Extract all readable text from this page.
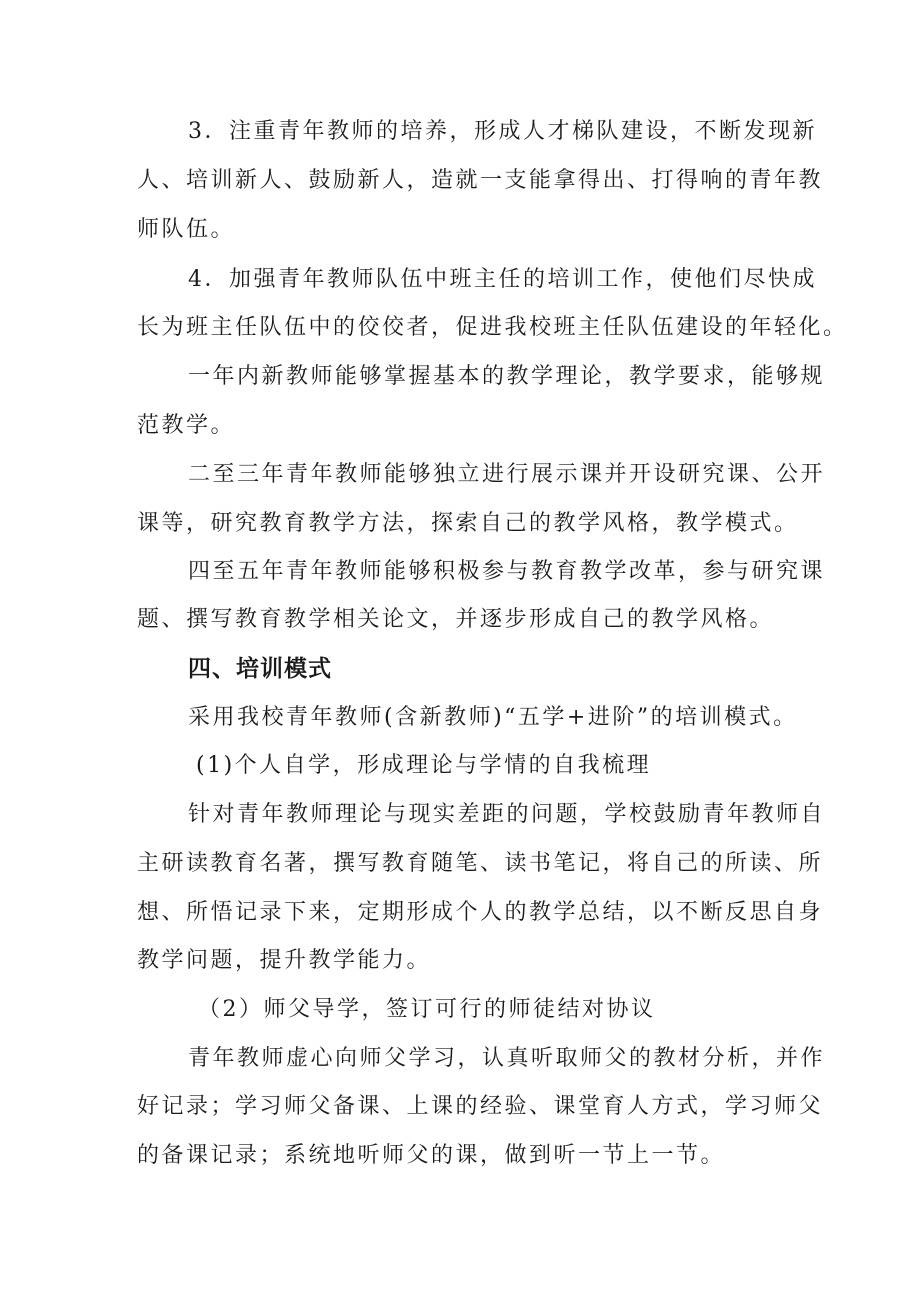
3．注重青年教师的培养，形成人才梯队建设，不断发现新
人、培训新人、鼓励新人，造就一支能拿得出、打得响的青年教
师队伍。
4．加强青年教师队伍中班主任的培训工作，使他们尽快成
长为班主任队伍中的佼佼者，促进我校班主任队伍建设的年轻化。
一年内新教师能够掌握基本的教学理论，教学要求，能够规
范教学。
二至三年青年教师能够独立进行展示课并开设研究课、公开
课等，研究教育教学方法，探索自己的教学风格，教学模式。
四至五年青年教师能够积极参与教育教学改革，参与研究课
题、撰写教育教学相关论文，并逐步形成自己的教学风格。
四、培训模式
采用我校青年教师(含新教师)“五学+进阶”的培训模式。
(1)个人自学，形成理论与学情的自我梳理
针对青年教师理论与现实差距的问题，学校鼓励青年教师自
主研读教育名著，撰写教育随笔、读书笔记，将自己的所读、所
想、所悟记录下来，定期形成个人的教学总结，以不断反思自身
教学问题，提升教学能力。
（2）师父导学，签订可行的师徒结对协议
青年教师虚心向师父学习，认真听取师父的教材分析，并作
好记录；学习师父备课、上课的经验、课堂育人方式，学习师父
的备课记录；系统地听师父的课，做到听一节上一节。
